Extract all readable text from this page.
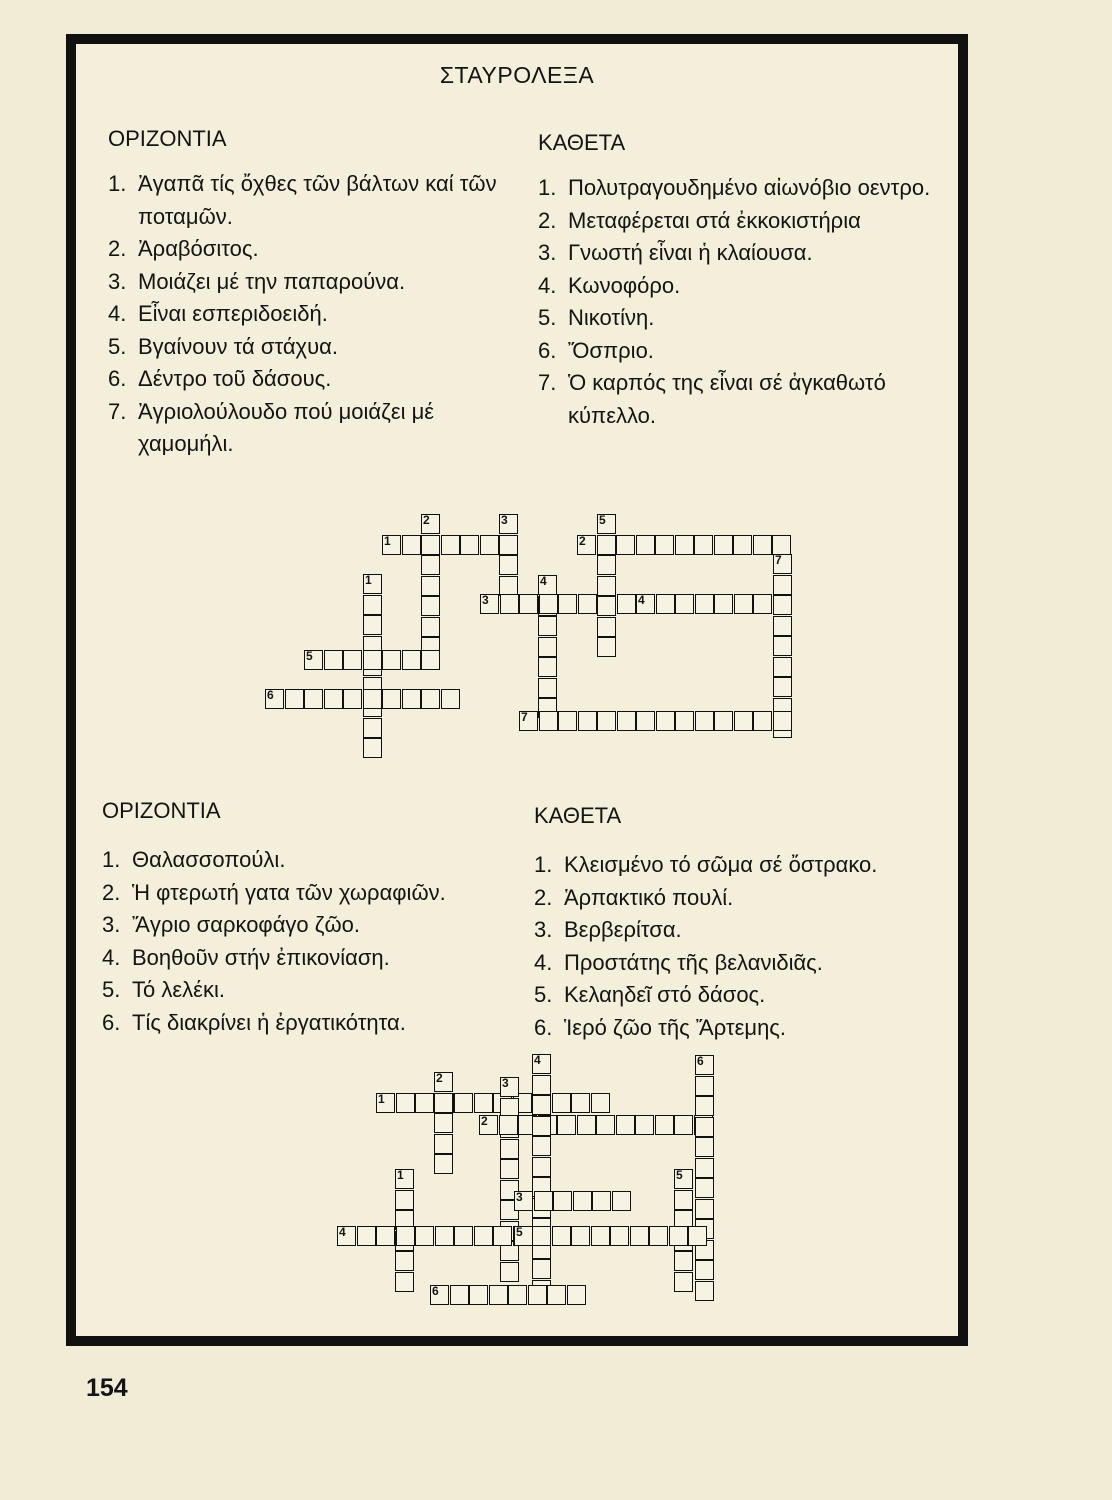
ΣΤΑΥΡΟΛΕΞΑ
ΟΡΙΖΟΝΤΙΑ	ΚΑΘΕΤΑ
1. Ἀγαπᾶ τίς ὄχθες τῶν βάλτων καί τῶν ποταμῶν.
2. Ἀραβόσιτος.
3. Μοιάζει μέ την παπαρούνα.
4. Εἶναι εσπεριδοειδή.
5. Βγαίνουν τά στάχυα.
6. Δέντρο τοῦ δάσους.
7. Ἀγριολούλουδο πού μοιάζει μέ χαμομήλι.
1. Πολυτραγουδημένο αἰωνόβιο οεντρο.
2. Μεταφέρεται στά ἐκκοκιστήρια
3. Γνωστή εἶναι ἡ κλαίουσα.
4. Κωνοφόρο.
5. Νικοτίνη.
6. Ὄσπριο.
7. Ὁ καρπός της εἶναι σέ ἀγκαθωτό κύπελλο.
1
2	3
1
5
6
4
3
5
2
4
7
7
ΟΡΙΖΟΝΤΙΑ	ΚΑΘΕΤΑ
1. Θαλασσοπούλι.
2. Ἡ φτερωτή γατα τῶν χωραφιῶν.
3. Ἄγριο σαρκοφάγο ζῶο.
4. Βοηθοῦν στήν ἐπικονίαση.
5. Τό λελέκι.
6. Τίς διακρίνει ἡ ἐργατικότητα.
1. Κλεισμένο τό σῶμα σέ ὄστρακο.
2. Ἁρπακτικό πουλί.
3. Βερβερίτσα.
4. Προστάτης τῆς βελανιδιᾶς.
5. Κελαηδεῖ στό δάσος.
6. Ἱερό ζῶο τῆς Ἄρτεμης.
1
2	3
2
4	6
1	5
3
4	5
6
154
